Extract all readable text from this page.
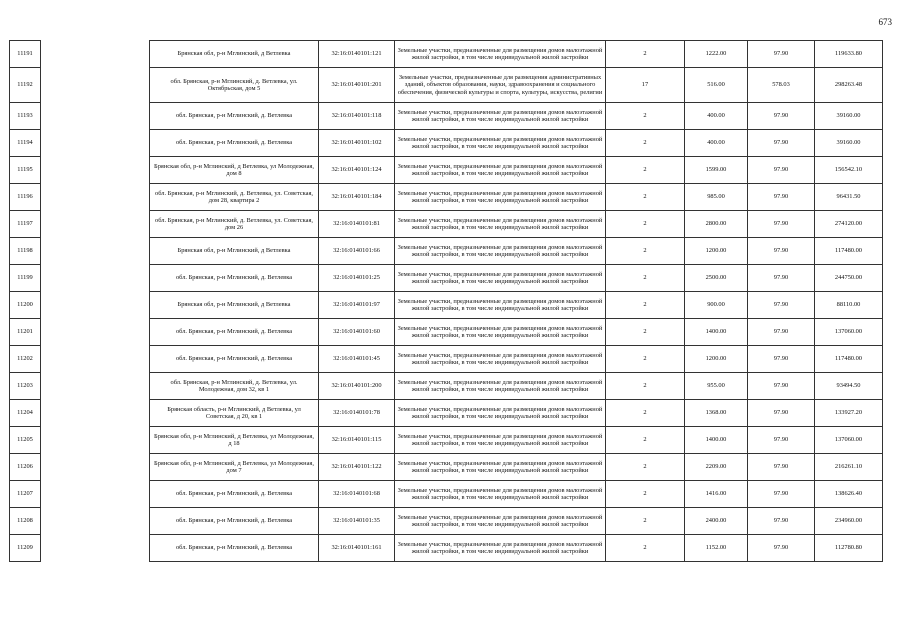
673
11191		Брянская обл, р-н Мглинский, д Ветлевка	32:16:0140101:121	Земельные участки, предназначенные для размещения домов малоэтажной жилой застройки, в том числе индивидуальной жилой застройки	2	1222.00	97.90	119633.80
11192		обл. Брянская, р-н Мглинский, д. Ветлевка, ул. Октябрьская, дом 5	32:16:0140101:201	Земельные участки, предназначенные для размещения административных зданий, объектов образования, науки, здравоохранения и социального обеспечения, физической культуры и спорта, культуры, искусства, религии	17	516.00	578.03	298263.48
11193		обл. Брянская, р-н Мглинский, д. Ветлевка	32:16:0140101:118	Земельные участки, предназначенные для размещения домов малоэтажной жилой застройки, в том числе индивидуальной жилой застройки	2	400.00	97.90	39160.00
11194		обл. Брянская, р-н Мглинский, д. Ветлевка	32:16:0140101:102	Земельные участки, предназначенные для размещения домов малоэтажной жилой застройки, в том числе индивидуальной жилой застройки	2	400.00	97.90	39160.00
11195		Брянская обл, р-н Мглинский, д Ветлевка, ул Молодежная, дом 8	32:16:0140101:124	Земельные участки, предназначенные для размещения домов малоэтажной жилой застройки, в том числе индивидуальной жилой застройки	2	1599.00	97.90	156542.10
11196		обл. Брянская, р-н Мглинский, д. Ветлевка, ул. Советская, дом 28, квартира 2	32:16:0140101:184	Земельные участки, предназначенные для размещения домов малоэтажной жилой застройки, в том числе индивидуальной жилой застройки	2	985.00	97.90	96431.50
11197		обл. Брянская, р-н Мглинский, д. Ветлевка, ул. Советская, дом 26	32:16:0140101:81	Земельные участки, предназначенные для размещения домов малоэтажной жилой застройки, в том числе индивидуальной жилой застройки	2	2800.00	97.90	274120.00
11198		Брянская обл, р-н Мглинский, д Ветлевка	32:16:0140101:66	Земельные участки, предназначенные для размещения домов малоэтажной жилой застройки, в том числе индивидуальной жилой застройки	2	1200.00	97.90	117480.00
11199		обл. Брянская, р-н Мглинский, д. Ветлевка	32:16:0140101:25	Земельные участки, предназначенные для размещения домов малоэтажной жилой застройки, в том числе индивидуальной жилой застройки	2	2500.00	97.90	244750.00
11200		Брянская обл, р-н Мглинский, д Ветлевка	32:16:0140101:97	Земельные участки, предназначенные для размещения домов малоэтажной жилой застройки, в том числе индивидуальной жилой застройки	2	900.00	97.90	88110.00
11201		обл. Брянская, р-н Мглинский, д. Ветлевка	32:16:0140101:60	Земельные участки, предназначенные для размещения домов малоэтажной жилой застройки, в том числе индивидуальной жилой застройки	2	1400.00	97.90	137060.00
11202		обл. Брянская, р-н Мглинский, д. Ветлевка	32:16:0140101:45	Земельные участки, предназначенные для размещения домов малоэтажной жилой застройки, в том числе индивидуальной жилой застройки	2	1200.00	97.90	117480.00
11203		обл. Брянская, р-н Мглинский, д. Ветлевка, ул. Молодежная, дом 32, кв 1	32:16:0140101:200	Земельные участки, предназначенные для размещения домов малоэтажной жилой застройки, в том числе индивидуальной жилой застройки	2	955.00	97.90	93494.50
11204		Брянская область, р-н Мглинский, д Ветлевка, ул Советская, д 20, кв 1	32:16:0140101:78	Земельные участки, предназначенные для размещения домов малоэтажной жилой застройки, в том числе индивидуальной жилой застройки	2	1368.00	97.90	133927.20
11205		Брянская обл, р-н Мглинский, д Ветлевка, ул Молодежная, д 18	32:16:0140101:115	Земельные участки, предназначенные для размещения домов малоэтажной жилой застройки, в том числе индивидуальной жилой застройки	2	1400.00	97.90	137060.00
11206		Брянская обл, р-н Мглинский, д Ветлевка, ул Молодежная, дом 7	32:16:0140101:122	Земельные участки, предназначенные для размещения домов малоэтажной жилой застройки, в том числе индивидуальной жилой застройки	2	2209.00	97.90	216261.10
11207		обл. Брянская, р-н Мглинский, д. Ветлевка	32:16:0140101:68	Земельные участки, предназначенные для размещения домов малоэтажной жилой застройки, в том числе индивидуальной жилой застройки	2	1416.00	97.90	138626.40
11208		обл. Брянская, р-н Мглинский, д. Ветлевка	32:16:0140101:35	Земельные участки, предназначенные для размещения домов малоэтажной жилой застройки, в том числе индивидуальной жилой застройки	2	2400.00	97.90	234960.00
11209		обл. Брянская, р-н Мглинский, д. Ветлевка	32:16:0140101:161	Земельные участки, предназначенные для размещения домов малоэтажной жилой застройки, в том числе индивидуальной жилой застройки	2	1152.00	97.90	112780.80
